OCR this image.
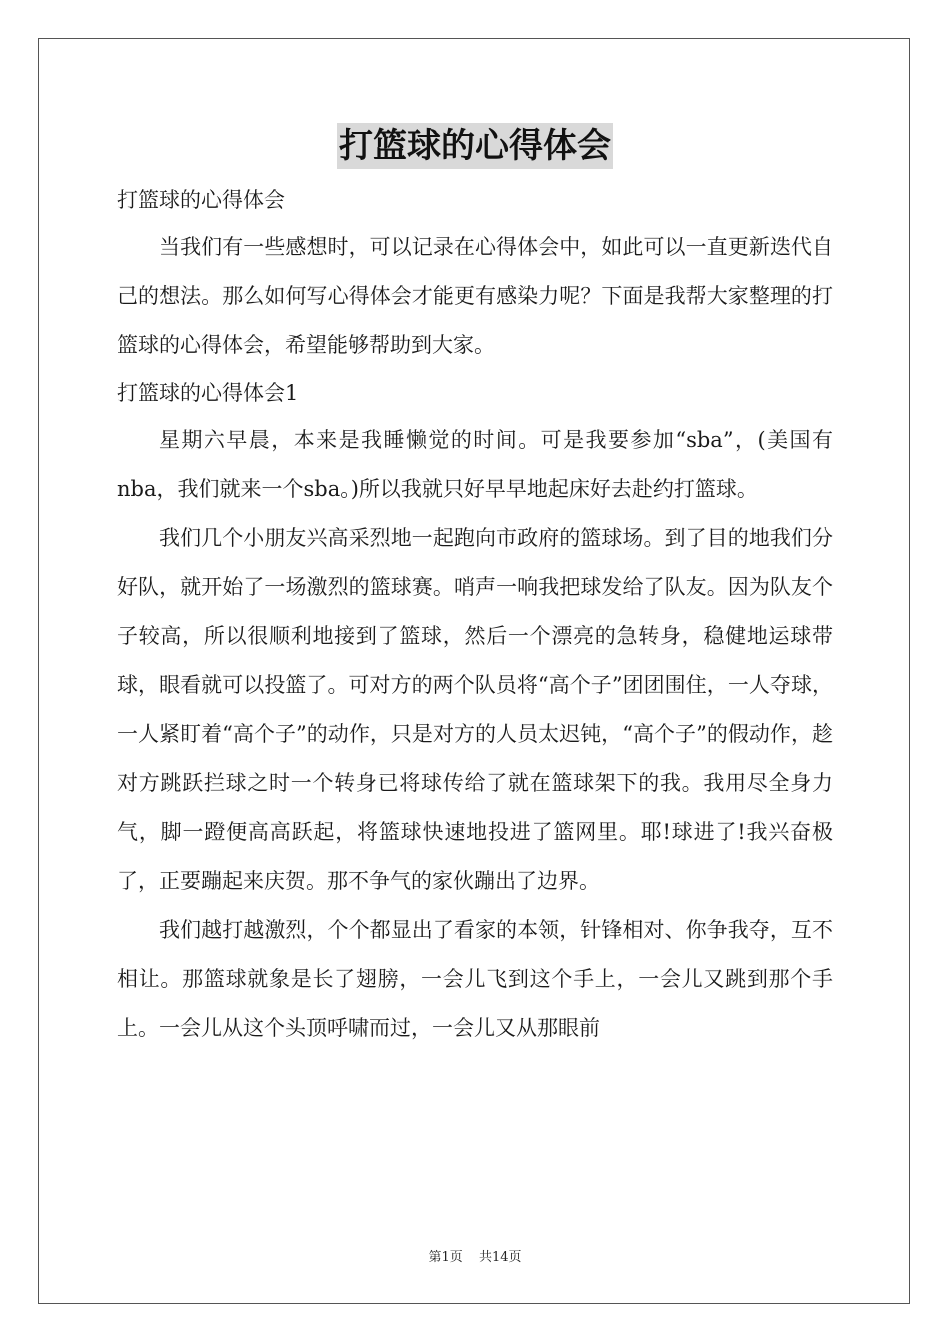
打篮球的心得体会

打篮球的心得体会

当我们有一些感想时，可以记录在心得体会中，如此可以一直更新迭代自己的想法。那么如何写心得体会才能更有感染力呢？下面是我帮大家整理的打篮球的心得体会，希望能够帮助到大家。

打篮球的心得体会1

星期六早晨，本来是我睡懒觉的时间。可是我要参加“sba”，(美国有nba，我们就来一个sba。)所以我就只好早早地起床好去赴约打篮球。

我们几个小朋友兴高采烈地一起跑向市政府的篮球场。到了目的地我们分好队，就开始了一场激烈的篮球赛。哨声一响我把球发给了队友。因为队友个子较高，所以很顺利地接到了篮球，然后一个漂亮的急转身，稳健地运球带球，眼看就可以投篮了。可对方的两个队员将“高个子”团团围住，一人夺球，一人紧盯着“高个子”的动作，只是对方的人员太迟钝，“高个子”的假动作，趁对方跳跃拦球之时一个转身已将球传给了就在篮球架下的我。我用尽全身力气，脚一蹬便高高跃起，将篮球快速地投进了篮网里。耶!球进了!我兴奋极了，正要蹦起来庆贺。那不争气的家伙蹦出了边界。

我们越打越激烈，个个都显出了看家的本领，针锋相对、你争我夺，互不相让。那篮球就象是长了翅膀，一会儿飞到这个手上，一会儿又跳到那个手上。一会儿从这个头顶呼啸而过，一会儿又从那眼前

第1页 共14页
